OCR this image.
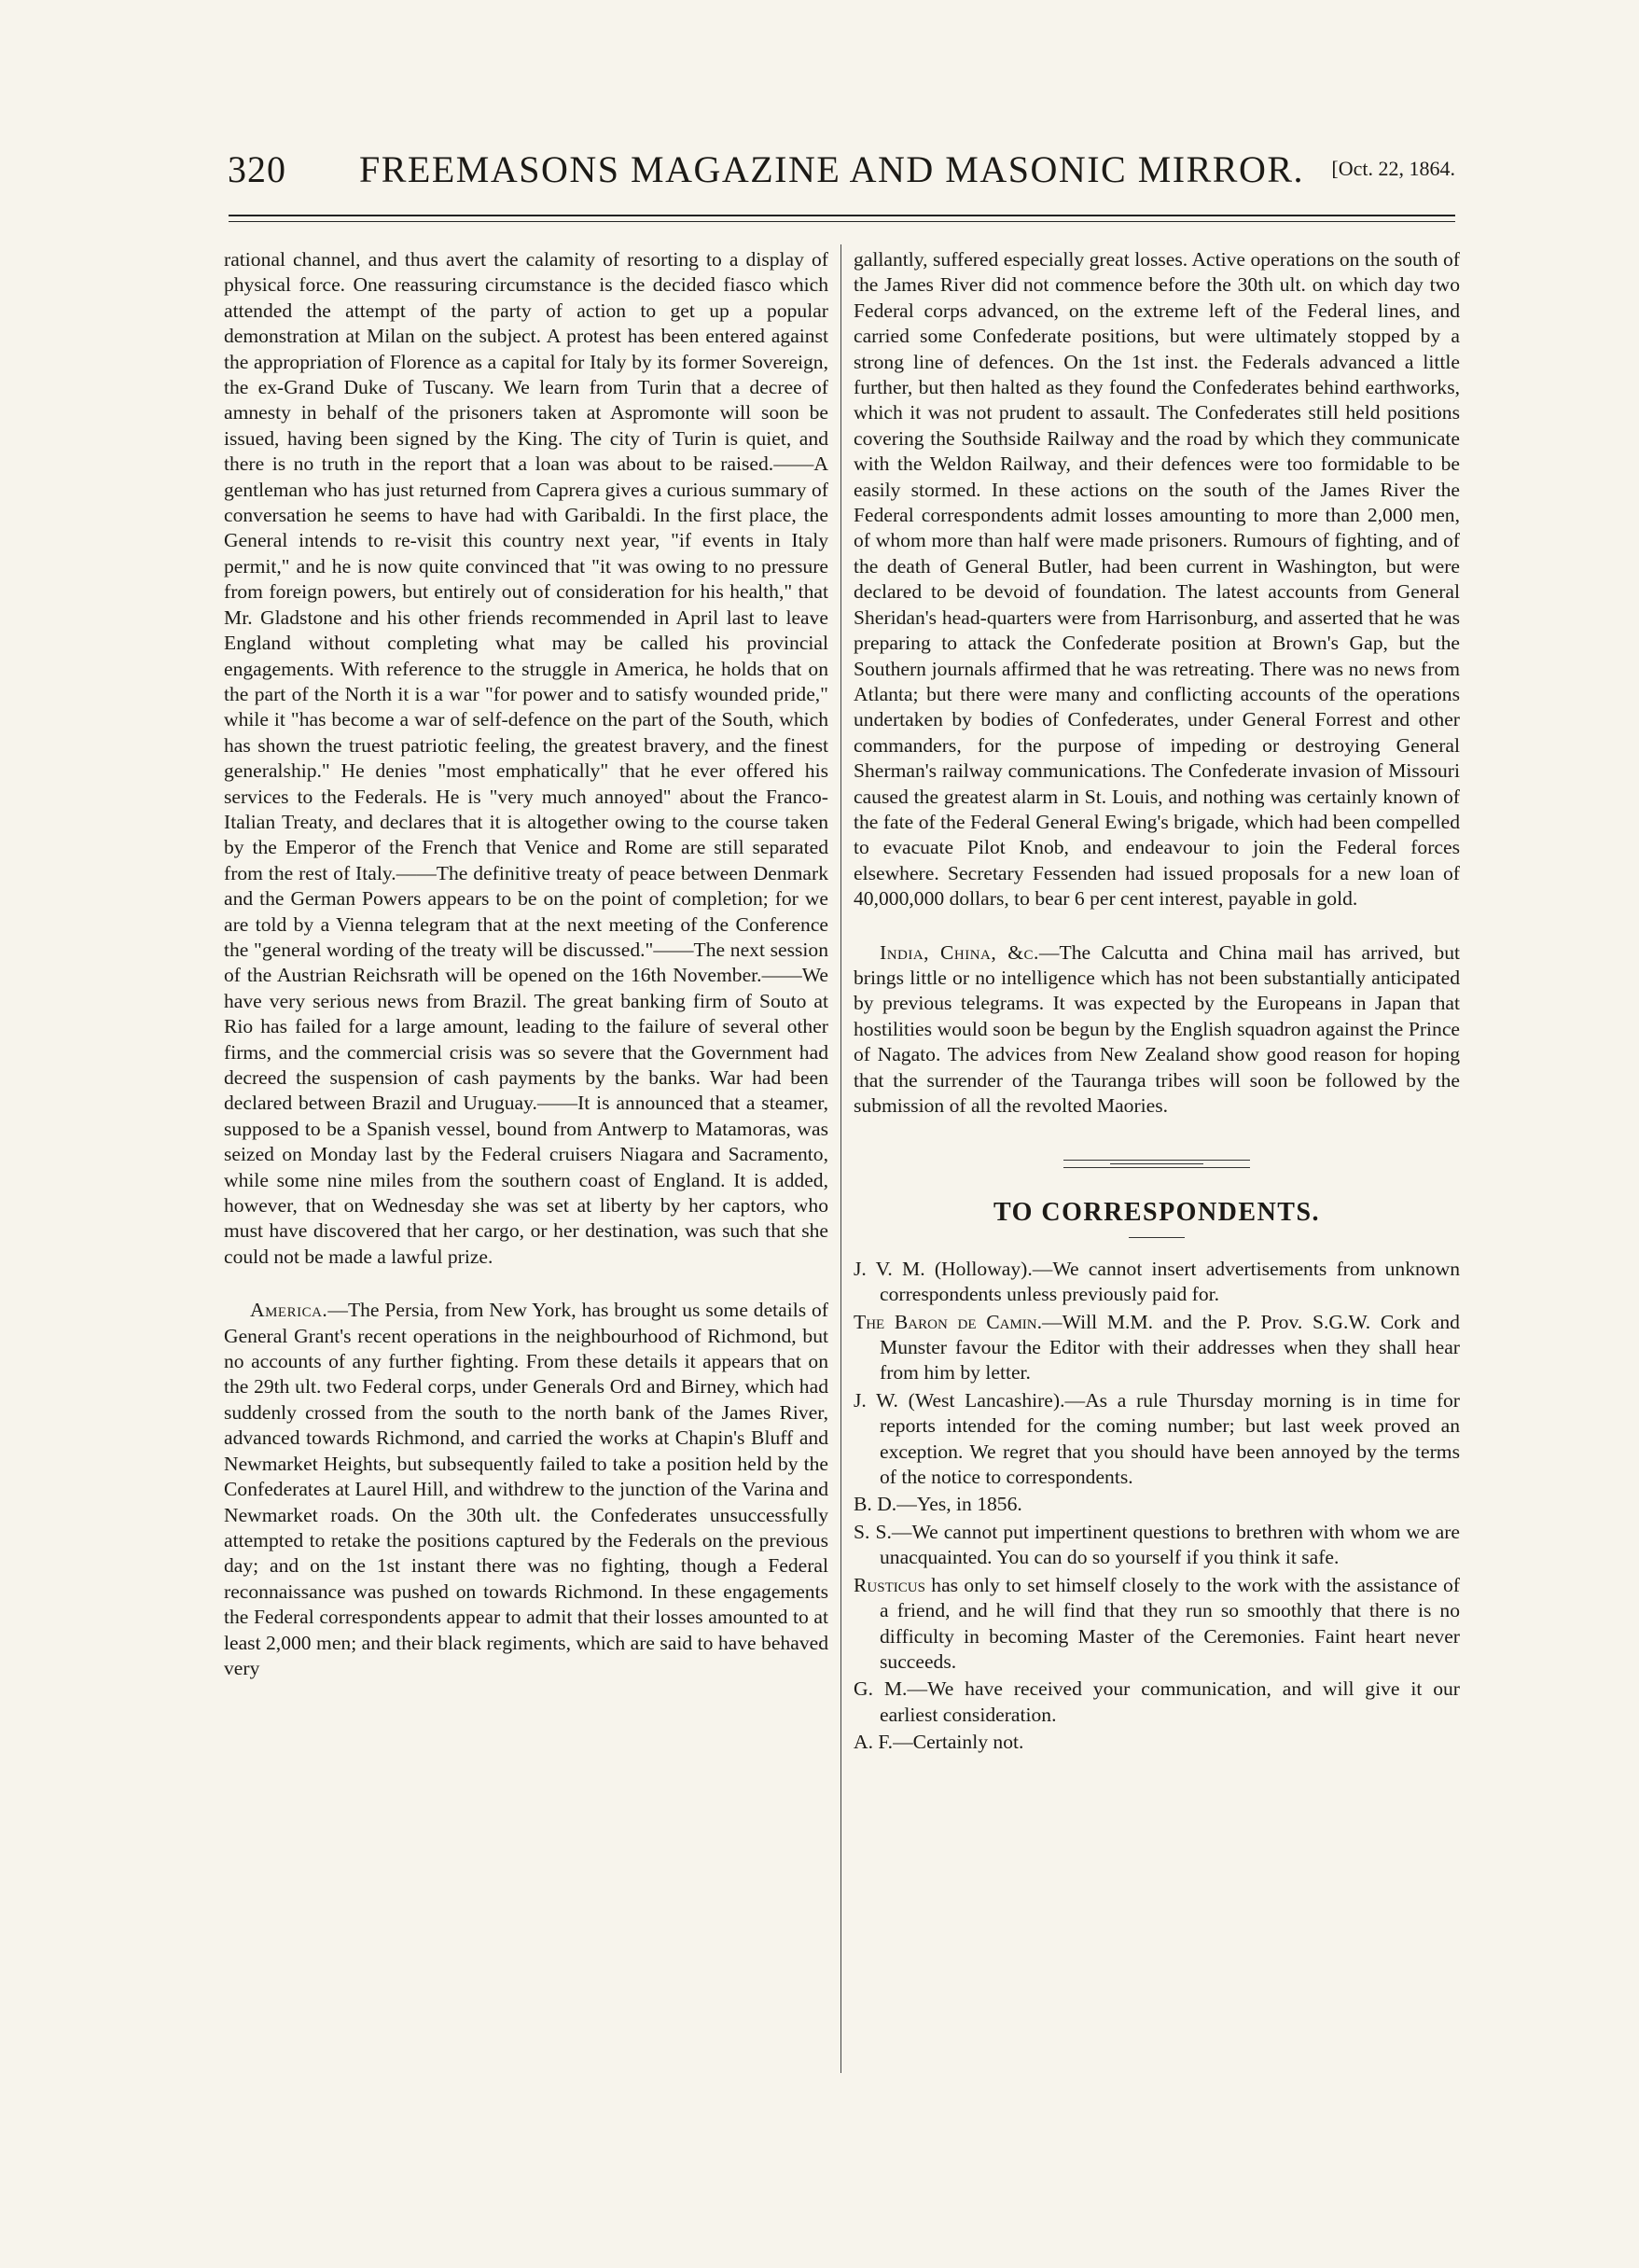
320 FREEMASONS MAGAZINE AND MASONIC MIRROR. [Oct. 22, 1864.

rational channel, and thus avert the calamity of resorting to a display of physical force. One reassuring circumstance is the decided fiasco which attended the attempt of the party of action to get up a popular demonstration at Milan on the subject. A protest has been entered against the appropriation of Florence as a capital for Italy by its former Sovereign, the ex-Grand Duke of Tuscany. We learn from Turin that a decree of amnesty in behalf of the prisoners taken at Aspromonte will soon be issued, having been signed by the King. The city of Turin is quiet, and there is no truth in the report that a loan was about to be raised.——A gentleman who has just returned from Caprera gives a curious summary of conversation he seems to have had with Garibaldi. In the first place, the General intends to re-visit this country next year, "if events in Italy permit," and he is now quite convinced that "it was owing to no pressure from foreign powers, but entirely out of consideration for his health," that Mr. Gladstone and his other friends recommended in April last to leave England without completing what may be called his provincial engagements. With reference to the struggle in America, he holds that on the part of the North it is a war "for power and to satisfy wounded pride," while it "has become a war of self-defence on the part of the South, which has shown the truest patriotic feeling, the greatest bravery, and the finest generalship." He denies "most emphatically" that he ever offered his services to the Federals. He is "very much annoyed" about the Franco-Italian Treaty, and declares that it is altogether owing to the course taken by the Emperor of the French that Venice and Rome are still separated from the rest of Italy.——The definitive treaty of peace between Denmark and the German Powers appears to be on the point of completion; for we are told by a Vienna telegram that at the next meeting of the Conference the "general wording of the treaty will be discussed."——The next session of the Austrian Reichsrath will be opened on the 16th November.——We have very serious news from Brazil. The great banking firm of Souto at Rio has failed for a large amount, leading to the failure of several other firms, and the commercial crisis was so severe that the Government had decreed the suspension of cash payments by the banks. War had been declared between Brazil and Uruguay.——It is announced that a steamer, supposed to be a Spanish vessel, bound from Antwerp to Matamoras, was seized on Monday last by the Federal cruisers Niagara and Sacramento, while some nine miles from the southern coast of England. It is added, however, that on Wednesday she was set at liberty by her captors, who must have discovered that her cargo, or her destination, was such that she could not be made a lawful prize.

America.—The Persia, from New York, has brought us some details of General Grant's recent operations in the neighbourhood of Richmond, but no accounts of any further fighting. From these details it appears that on the 29th ult. two Federal corps, under Generals Ord and Birney, which had suddenly crossed from the south to the north bank of the James River, advanced towards Richmond, and carried the works at Chapin's Bluff and Newmarket Heights, but subsequently failed to take a position held by the Confederates at Laurel Hill, and withdrew to the junction of the Varina and Newmarket roads. On the 30th ult. the Confederates unsuccessfully attempted to retake the positions captured by the Federals on the previous day; and on the 1st instant there was no fighting, though a Federal reconnaissance was pushed on towards Richmond. In these engagements the Federal correspondents appear to admit that their losses amounted to at least 2,000 men; and their black regiments, which are said to have behaved very

gallantly, suffered especially great losses. Active operations on the south of the James River did not commence before the 30th ult. on which day two Federal corps advanced, on the extreme left of the Federal lines, and carried some Confederate positions, but were ultimately stopped by a strong line of defences. On the 1st inst. the Federals advanced a little further, but then halted as they found the Confederates behind earthworks, which it was not prudent to assault. The Confederates still held positions covering the Southside Railway and the road by which they communicate with the Weldon Railway, and their defences were too formidable to be easily stormed. In these actions on the south of the James River the Federal correspondents admit losses amounting to more than 2,000 men, of whom more than half were made prisoners. Rumours of fighting, and of the death of General Butler, had been current in Washington, but were declared to be devoid of foundation. The latest accounts from General Sheridan's head-quarters were from Harrisonburg, and asserted that he was preparing to attack the Confederate position at Brown's Gap, but the Southern journals affirmed that he was retreating. There was no news from Atlanta; but there were many and conflicting accounts of the operations undertaken by bodies of Confederates, under General Forrest and other commanders, for the purpose of impeding or destroying General Sherman's railway communications. The Confederate invasion of Missouri caused the greatest alarm in St. Louis, and nothing was certainly known of the fate of the Federal General Ewing's brigade, which had been compelled to evacuate Pilot Knob, and endeavour to join the Federal forces elsewhere. Secretary Fessenden had issued proposals for a new loan of 40,000,000 dollars, to bear 6 per cent interest, payable in gold.

India, China, &c.—The Calcutta and China mail has arrived, but brings little or no intelligence which has not been substantially anticipated by previous telegrams. It was expected by the Europeans in Japan that hostilities would soon be begun by the English squadron against the Prince of Nagato. The advices from New Zealand show good reason for hoping that the surrender of the Tauranga tribes will soon be followed by the submission of all the revolted Maories.

TO CORRESPONDENTS.
J. V. M. (Holloway).—We cannot insert advertisements from unknown correspondents unless previously paid for.
The Baron de Camin.—Will M.M. and the P. Prov. S.G.W. Cork and Munster favour the Editor with their addresses when they shall hear from him by letter.
J. W. (West Lancashire).—As a rule Thursday morning is in time for reports intended for the coming number; but last week proved an exception. We regret that you should have been annoyed by the terms of the notice to correspondents.
B. D.—Yes, in 1856.
S. S.—We cannot put impertinent questions to brethren with whom we are unacquainted. You can do so yourself if you think it safe.
Rusticus has only to set himself closely to the work with the assistance of a friend, and he will find that they run so smoothly that there is no difficulty in becoming Master of the Ceremonies. Faint heart never succeeds.
G. M.—We have received your communication, and will give it our earliest consideration.
A. F.—Certainly not.
